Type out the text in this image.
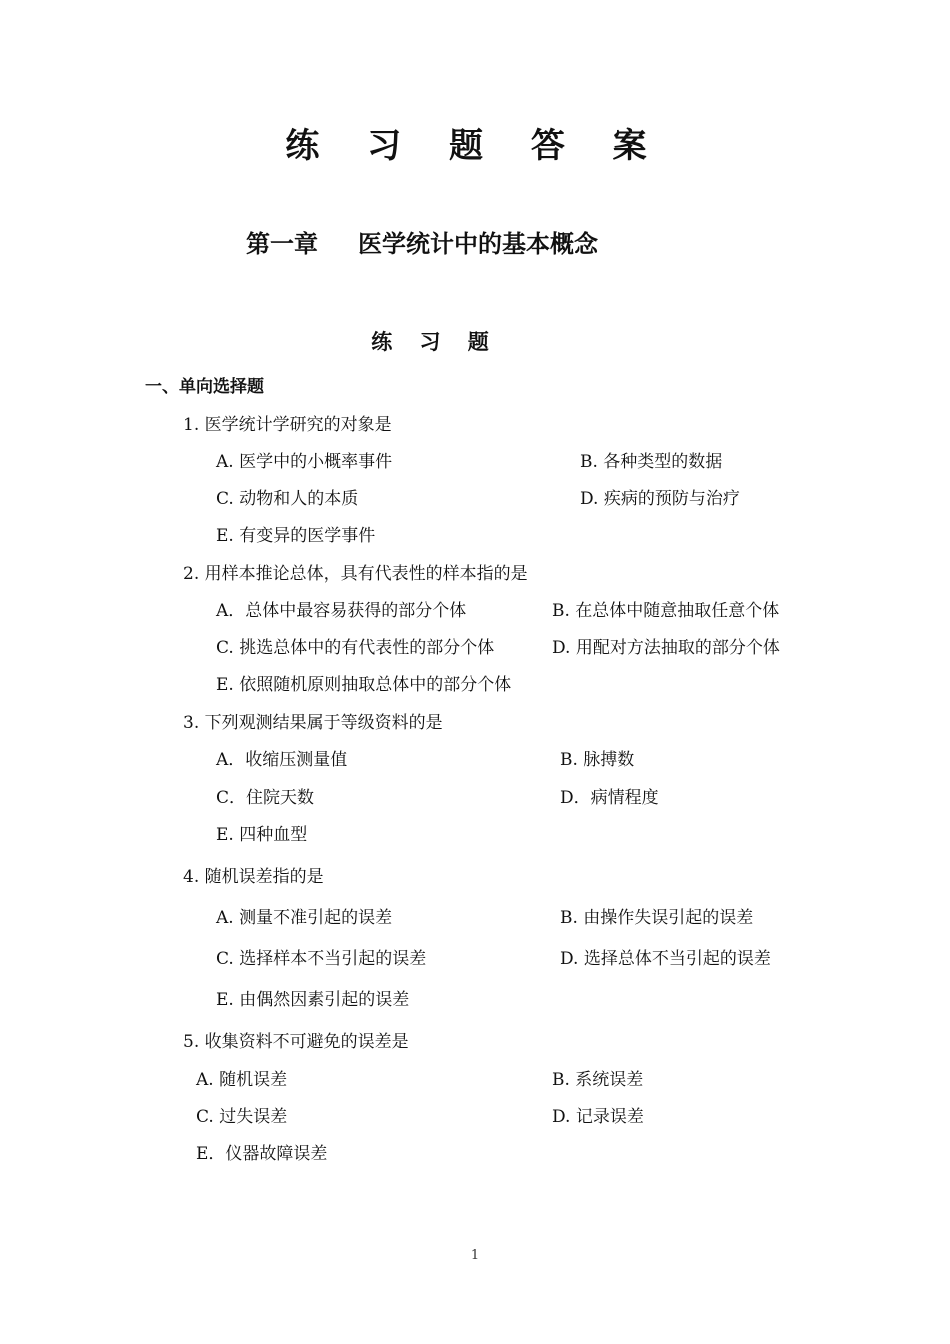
练 习 题 答 案
第一章 医学统计中的基本概念
练 习 题
一、单向选择题
1. 医学统计学研究的对象是
A. 医学中的小概率事件	B. 各种类型的数据
C. 动物和人的本质	D. 疾病的预防与治疗
E. 有变异的医学事件
2. 用样本推论总体，具有代表性的样本指的是
A．总体中最容易获得的部分个体	B. 在总体中随意抽取任意个体
C. 挑选总体中的有代表性的部分个体	D. 用配对方法抽取的部分个体
E. 依照随机原则抽取总体中的部分个体
3. 下列观测结果属于等级资料的是
A．收缩压测量值	B. 脉搏数
C．住院天数	D．病情程度
E. 四种血型
4. 随机误差指的是
A. 测量不准引起的误差	B. 由操作失误引起的误差
C. 选择样本不当引起的误差	D. 选择总体不当引起的误差
E. 由偶然因素引起的误差
5. 收集资料不可避免的误差是
A. 随机误差	B. 系统误差
C. 过失误差	D. 记录误差
E．仪器故障误差
1
